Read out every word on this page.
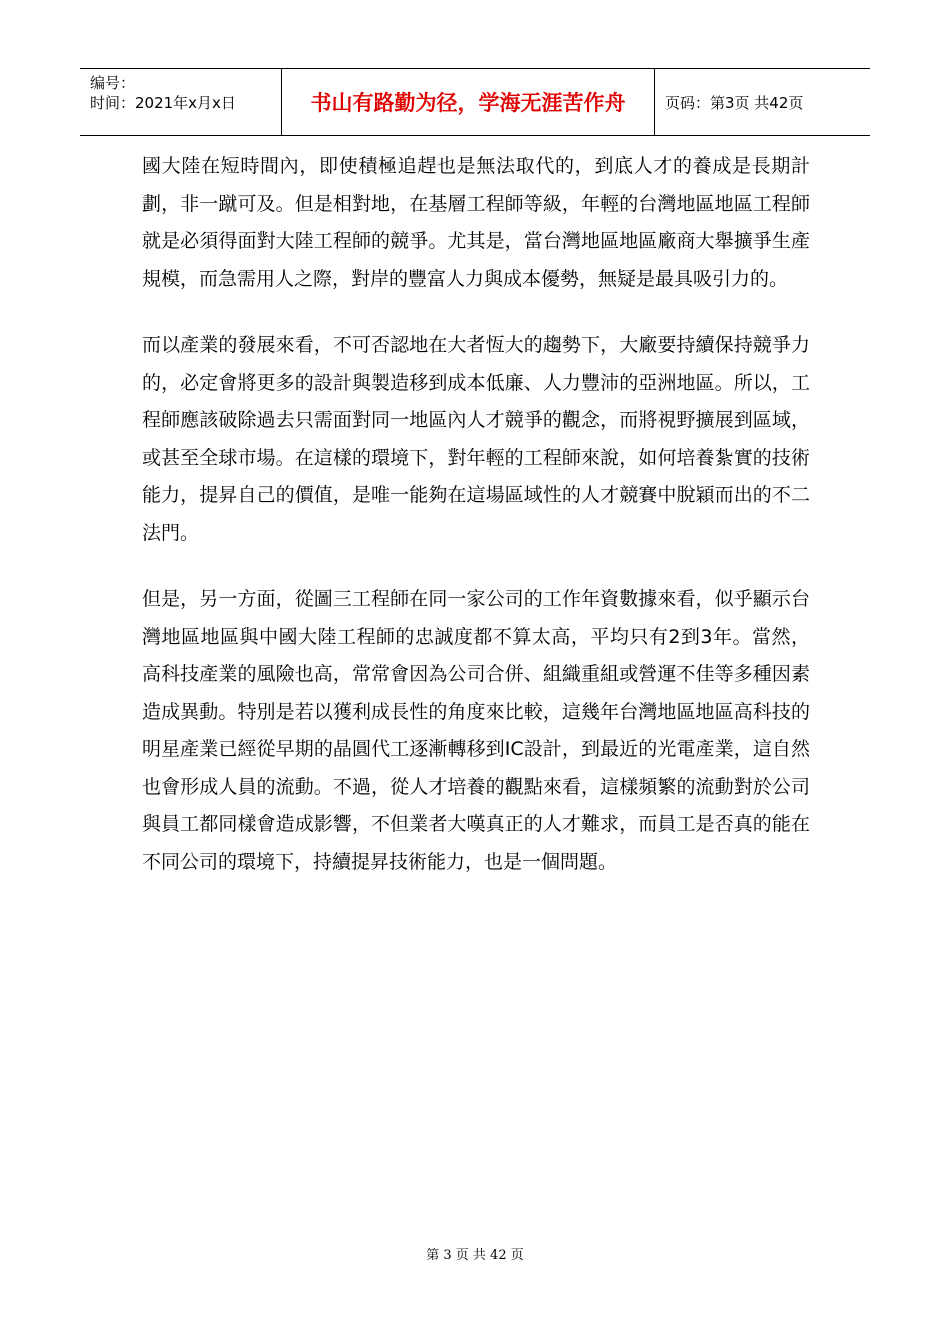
编号：
时间：2021年x月x日	书山有路勤为径，学海无涯苦作舟	页码：第3页 共42页

國大陸在短時間內，即使積極追趕也是無法取代的，到底人才的養成是長期計劃，非一蹴可及。但是相對地，在基層工程師等級，年輕的台灣地區地區工程師就是必須得面對大陸工程師的競爭。尤其是，當台灣地區地區廠商大舉擴爭生產規模，而急需用人之際，對岸的豐富人力與成本優勢，無疑是最具吸引力的。

而以產業的發展來看，不可否認地在大者恆大的趨勢下，大廠要持續保持競爭力的，必定會將更多的設計與製造移到成本低廉、人力豐沛的亞洲地區。所以，工程師應該破除過去只需面對同一地區內人才競爭的觀念，而將視野擴展到區域，或甚至全球市場。在這樣的環境下，對年輕的工程師來說，如何培養紮實的技術能力，提昇自己的價值，是唯一能夠在這場區域性的人才競賽中脫穎而出的不二法門。

但是，另一方面，從圖三工程師在同一家公司的工作年資數據來看，似乎顯示台灣地區地區與中國大陸工程師的忠誠度都不算太高，平均只有2到3年。當然，高科技產業的風險也高，常常會因為公司合併、組織重組或營運不佳等多種因素造成異動。特別是若以獲利成長性的角度來比較，這幾年台灣地區地區高科技的明星產業已經從早期的晶圓代工逐漸轉移到IC設計，到最近的光電產業，這自然也會形成人員的流動。不過，從人才培養的觀點來看，這樣頻繁的流動對於公司與員工都同樣會造成影響，不但業者大嘆真正的人才難求，而員工是否真的能在不同公司的環境下，持續提昇技術能力，也是一個問題。

第 3 页 共 42 页
